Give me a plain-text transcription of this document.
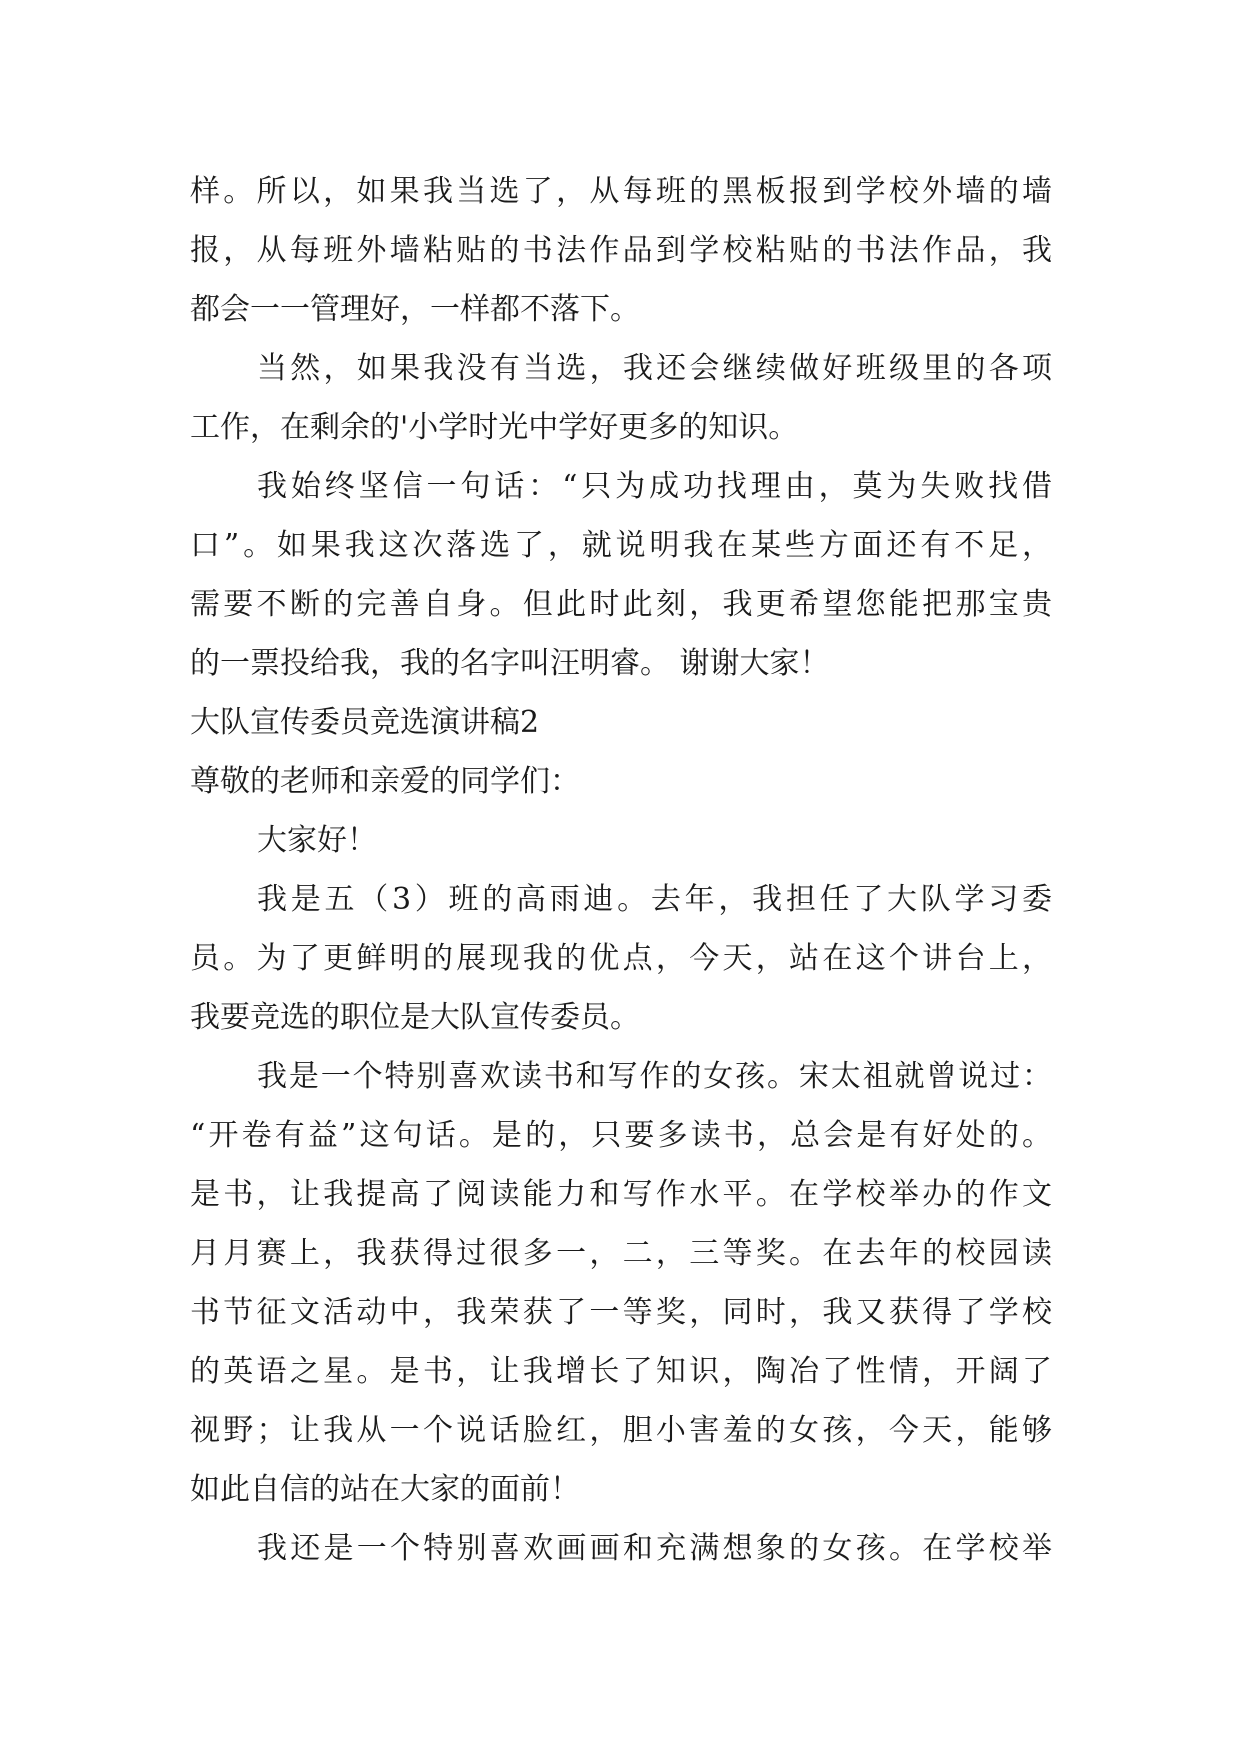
样。所以，如果我当选了，从每班的黑板报到学校外墙的墙
报，从每班外墙粘贴的书法作品到学校粘贴的书法作品，我
都会一一管理好，一样都不落下。
当然，如果我没有当选，我还会继续做好班级里的各项
工作，在剩余的'小学时光中学好更多的知识。
我始终坚信一句话：“只为成功找理由，莫为失败找借
口”。如果我这次落选了，就说明我在某些方面还有不足，
需要不断的完善自身。但此时此刻，我更希望您能把那宝贵
的一票投给我，我的名字叫汪明睿。 谢谢大家！
大队宣传委员竞选演讲稿2
尊敬的老师和亲爱的同学们：
大家好！
我是五（3）班的高雨迪。去年，我担任了大队学习委
员。为了更鲜明的展现我的优点，今天，站在这个讲台上，
我要竞选的职位是大队宣传委员。
我是一个特别喜欢读书和写作的女孩。宋太祖就曾说过：
“开卷有益”这句话。是的，只要多读书，总会是有好处的。
是书，让我提高了阅读能力和写作水平。在学校举办的作文
月月赛上，我获得过很多一，二，三等奖。在去年的校园读
书节征文活动中，我荣获了一等奖，同时，我又获得了学校
的英语之星。是书，让我增长了知识，陶冶了性情，开阔了
视野；让我从一个说话脸红，胆小害羞的女孩，今天，能够
如此自信的站在大家的面前！
我还是一个特别喜欢画画和充满想象的女孩。在学校举
